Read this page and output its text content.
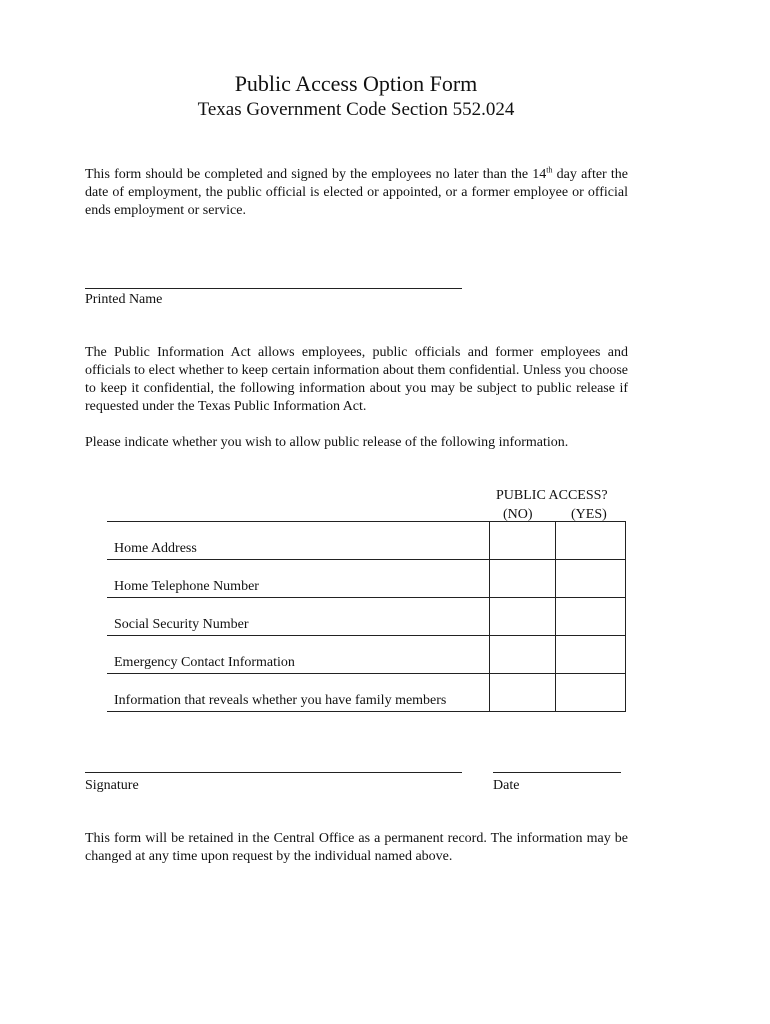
Public Access Option Form
Texas Government Code Section 552.024
This form should be completed and signed by the employees no later than the 14th day after the date of employment, the public official is elected or appointed, or a former employee or official ends employment or service.
Printed Name
The Public Information Act allows employees, public officials and former employees and officials to elect whether to keep certain information about them confidential. Unless you choose to keep it confidential, the following information about you may be subject to public release if requested under the Texas Public Information Act.
Please indicate whether you wish to allow public release of the following information.
PUBLIC ACCESS?
(NO)	(YES)
Home Address		
Home Telephone Number		
Social Security Number		
Emergency Contact Information		
Information that reveals whether you have family members		
Signature	Date
This form will be retained in the Central Office as a permanent record. The information may be changed at any time upon request by the individual named above.
